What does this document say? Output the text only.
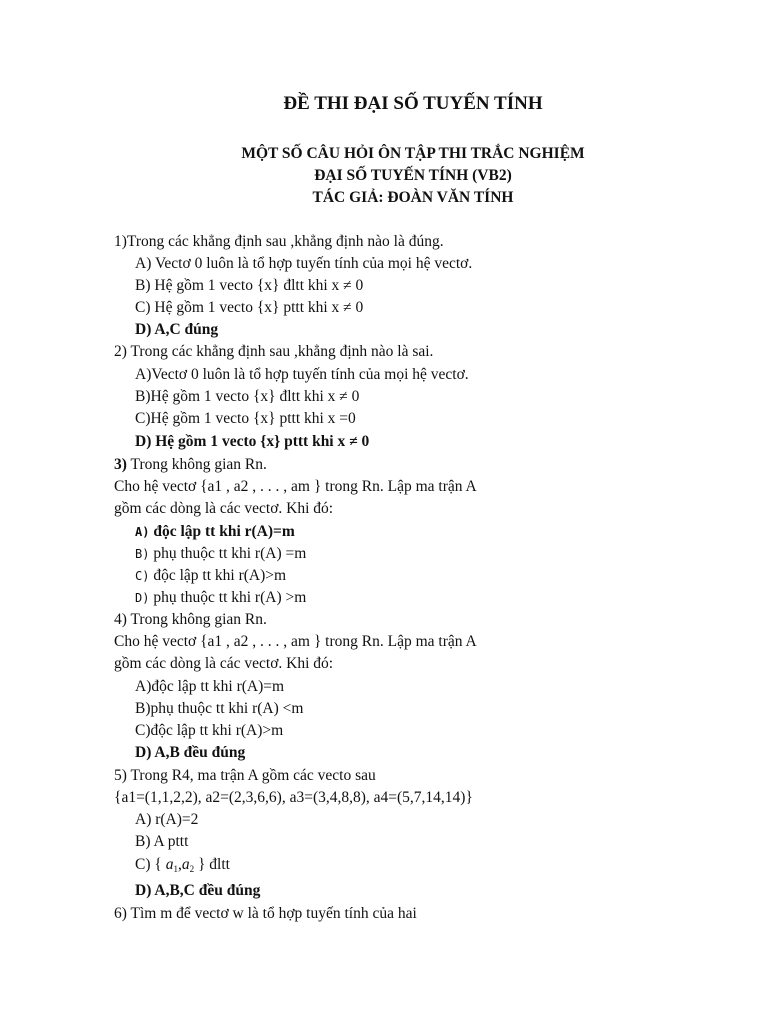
ĐỀ THI ĐẠI SỐ TUYẾN TÍNH
MỘT SỐ CÂU HỎI ÔN TẬP THI TRẮC NGHIỆM
ĐẠI SỐ TUYẾN TÍNH (VB2)
TÁC GIẢ: ĐOÀN VĂN TÍNH
1)Trong các khẳng định sau ,khẳng định nào là đúng.
A) Vectơ 0 luôn là tổ hợp tuyến tính của mọi hệ vectơ.
B) Hệ gồm 1 vecto {x} đltt khi x ≠ 0
C) Hệ gồm 1 vecto {x} pttt khi x ≠ 0
D) A,C đúng
2) Trong các khẳng định sau ,khẳng định nào là sai.
A)Vectơ 0 luôn là tổ hợp tuyến tính của mọi hệ vectơ.
B)Hệ gồm 1 vecto {x} đltt khi x ≠ 0
C)Hệ gồm 1 vecto {x} pttt khi x =0
D) Hệ gồm 1 vecto {x} pttt khi x ≠ 0
3) Trong không gian Rn.
Cho hệ vectơ {a1 , a2 , . . . , am } trong Rn. Lập ma trận A
gồm các dòng là các vectơ. Khi đó:
A) độc lập tt khi r(A)=m
B) phụ thuộc tt khi r(A) =m
C) độc lập tt khi r(A)>m
D) phụ thuộc tt khi r(A) >m
4) Trong không gian Rn.
Cho hệ vectơ {a1 , a2 , . . . , am } trong Rn. Lập ma trận A
gồm các dòng là các vectơ. Khi đó:
A)độc lập tt khi r(A)=m
B)phụ thuộc tt khi r(A) <m
C)độc lập tt khi r(A)>m
D) A,B đều đúng
5) Trong R4, ma trận A gồm các vecto sau
{a1=(1,1,2,2), a2=(2,3,6,6), a3=(3,4,8,8), a4=(5,7,14,14)}
A) r(A)=2
B) A pttt
C) { $a_1,a_2$ } đltt
D) A,B,C đều đúng
6) Tìm m để vectơ w là tổ hợp tuyến tính của hai
